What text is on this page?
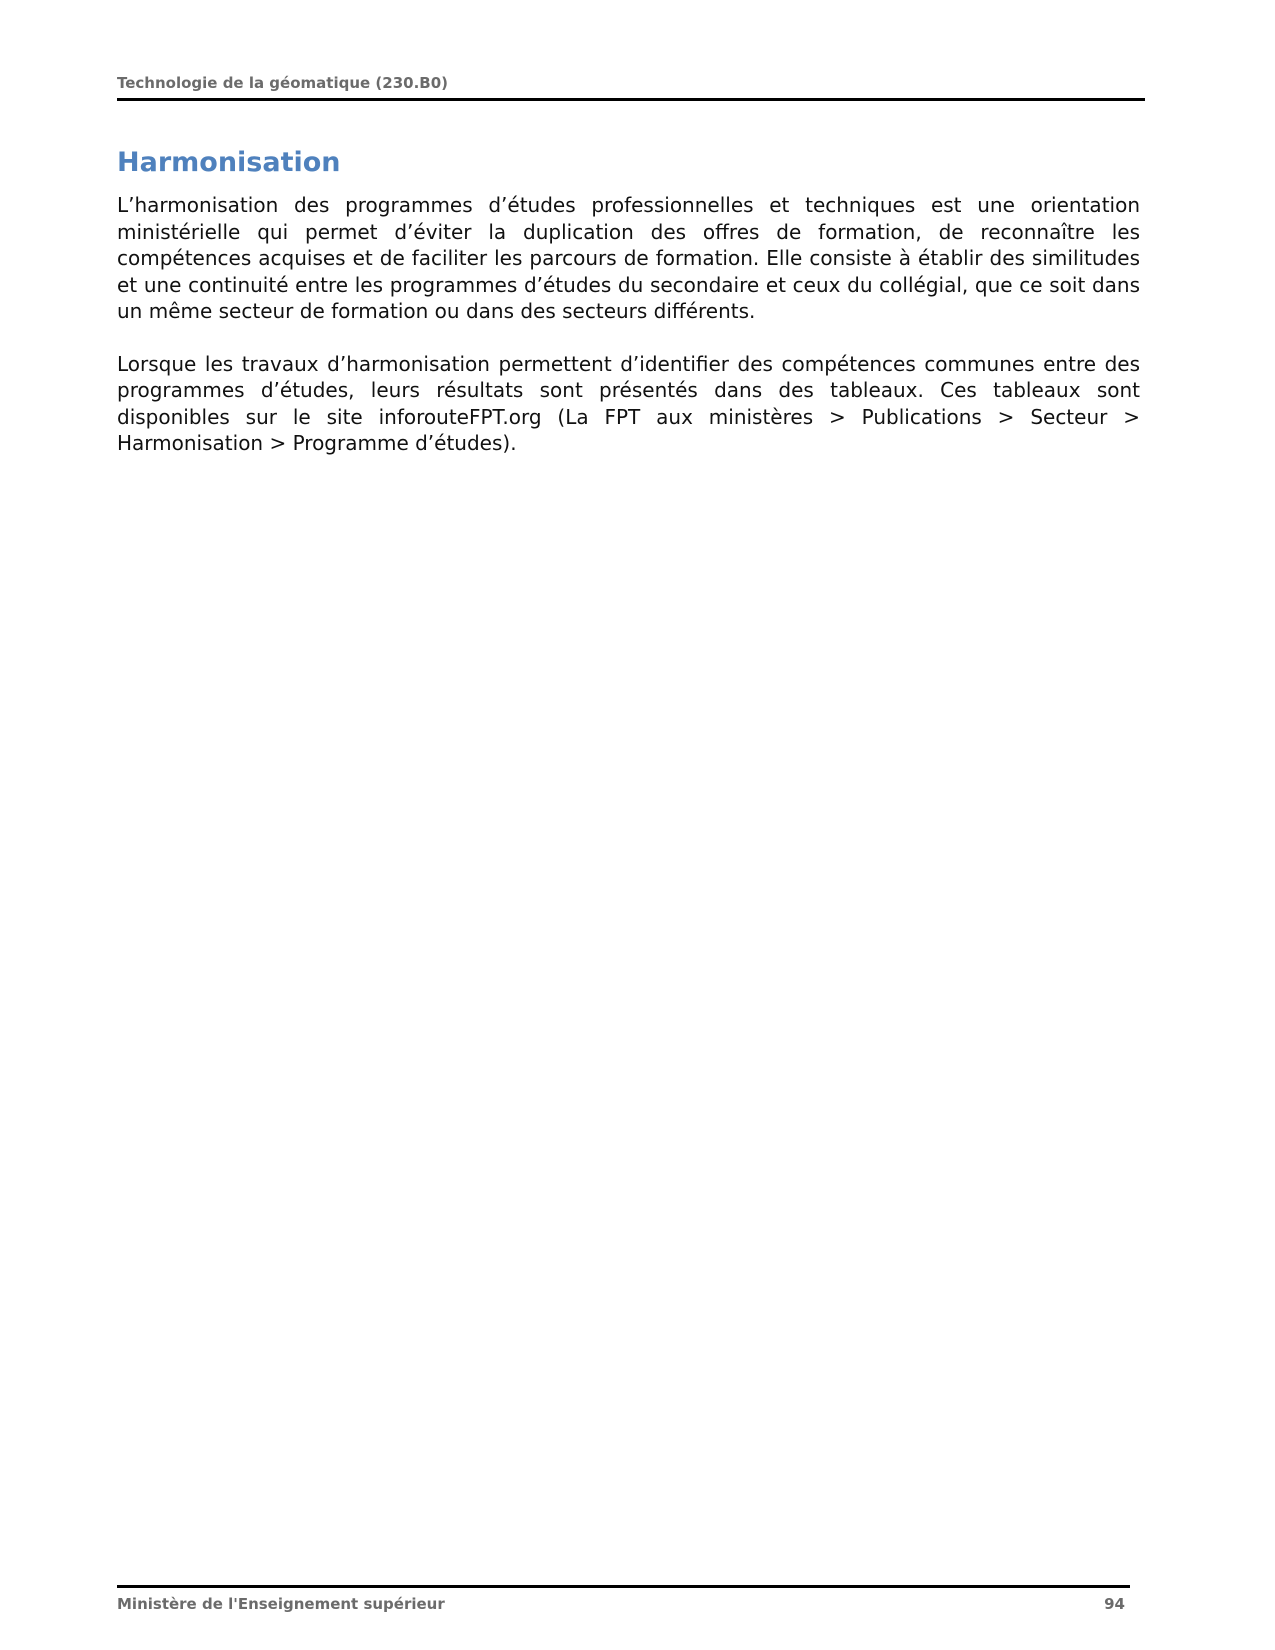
Technologie de la géomatique (230.B0)
Harmonisation

L’harmonisation des programmes d’études professionnelles et techniques est une orientation ministérielle qui permet d’éviter la duplication des offres de formation, de reconnaître les compétences acquises et de faciliter les parcours de formation. Elle consiste à établir des similitudes et une continuité entre les programmes d’études du secondaire et ceux du collégial, que ce soit dans un même secteur de formation ou dans des secteurs différents.

Lorsque les travaux d’harmonisation permettent d’identifier des compétences communes entre des programmes d’études, leurs résultats sont présentés dans des tableaux. Ces tableaux sont disponibles sur le site inforouteFPT.org (La FPT aux ministères > Publications > Secteur > Harmonisation > Programme d’études).

Ministère de l'Enseignement supérieur	94
